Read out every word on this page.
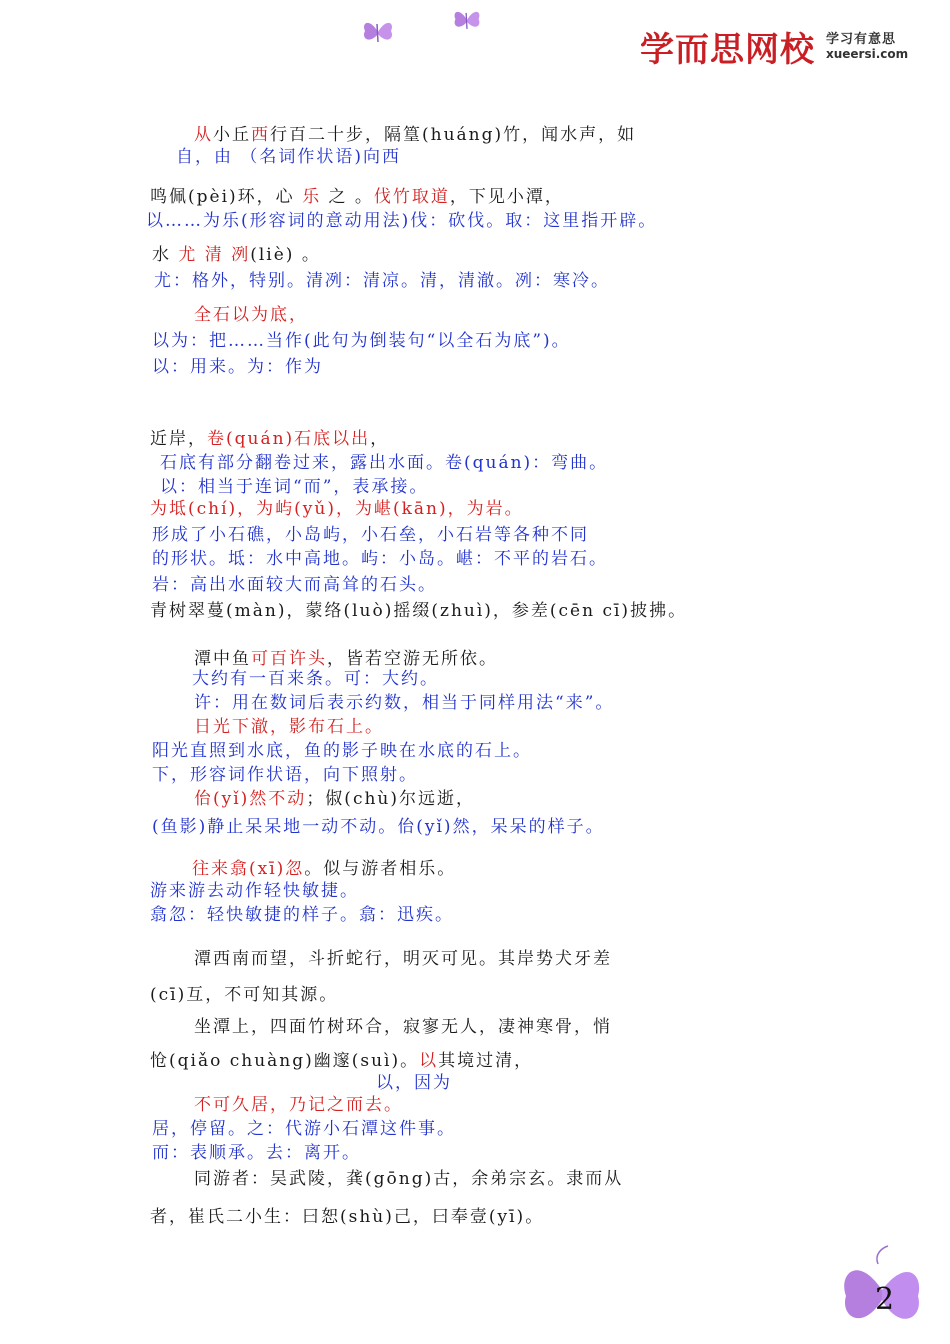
学而思网校 学习有意思
xueersi.com
从小丘西行百二十步，隔篁(huáng)竹，闻水声，如
自，由 （名词作状语)向西
鸣佩(pèi)环，心 乐 之 。伐竹取道，下见小潭，
以……为乐(形容词的意动用法)伐：砍伐。取：这里指开辟。
水 尤 清 冽(liè) 。
尤：格外，特别。清冽：清凉。清，清澈。冽：寒冷。
全石以为底，
以为：把……当作(此句为倒装句“以全石为底”)。
以：用来。为：作为
近岸，卷(quán)石底以出，
石底有部分翻卷过来，露出水面。卷(quán)：弯曲。
以：相当于连词“而”，表承接。
为坻(chí)，为屿(yǔ)，为嵁(kān)，为岩。
形成了小石礁，小岛屿，小石垒，小石岩等各种不同
的形状。坻：水中高地。屿：小岛。嵁：不平的岩石。
岩：高出水面较大而高耸的石头。
青树翠蔓(màn)，蒙络(luò)摇缀(zhuì)，参差(cēn cī)披拂。
潭中鱼可百许头，皆若空游无所依。
大约有一百来条。可：大约。
许：用在数词后表示约数，相当于同样用法“来”。
日光下澈，影布石上。
阳光直照到水底，鱼的影子映在水底的石上。
下，形容词作状语，向下照射。
佁(yǐ)然不动；俶(chù)尔远逝，
(鱼影)静止呆呆地一动不动。佁(yǐ)然，呆呆的样子。
往来翕(xī)忽。似与游者相乐。
游来游去动作轻快敏捷。
翕忽：轻快敏捷的样子。翕：迅疾。
潭西南而望，斗折蛇行，明灭可见。其岸势犬牙差
(cī)互，不可知其源。
坐潭上，四面竹树环合，寂寥无人，凄神寒骨，悄
怆(qiǎo chuàng)幽邃(suì)。以其境过清，
以，因为
不可久居，乃记之而去。
居，停留。之：代游小石潭这件事。
而：表顺承。去：离开。
同游者：吴武陵，龚(gōng)古，余弟宗玄。隶而从
者，崔氏二小生：曰恕(shù)己，曰奉壹(yī)。
2
